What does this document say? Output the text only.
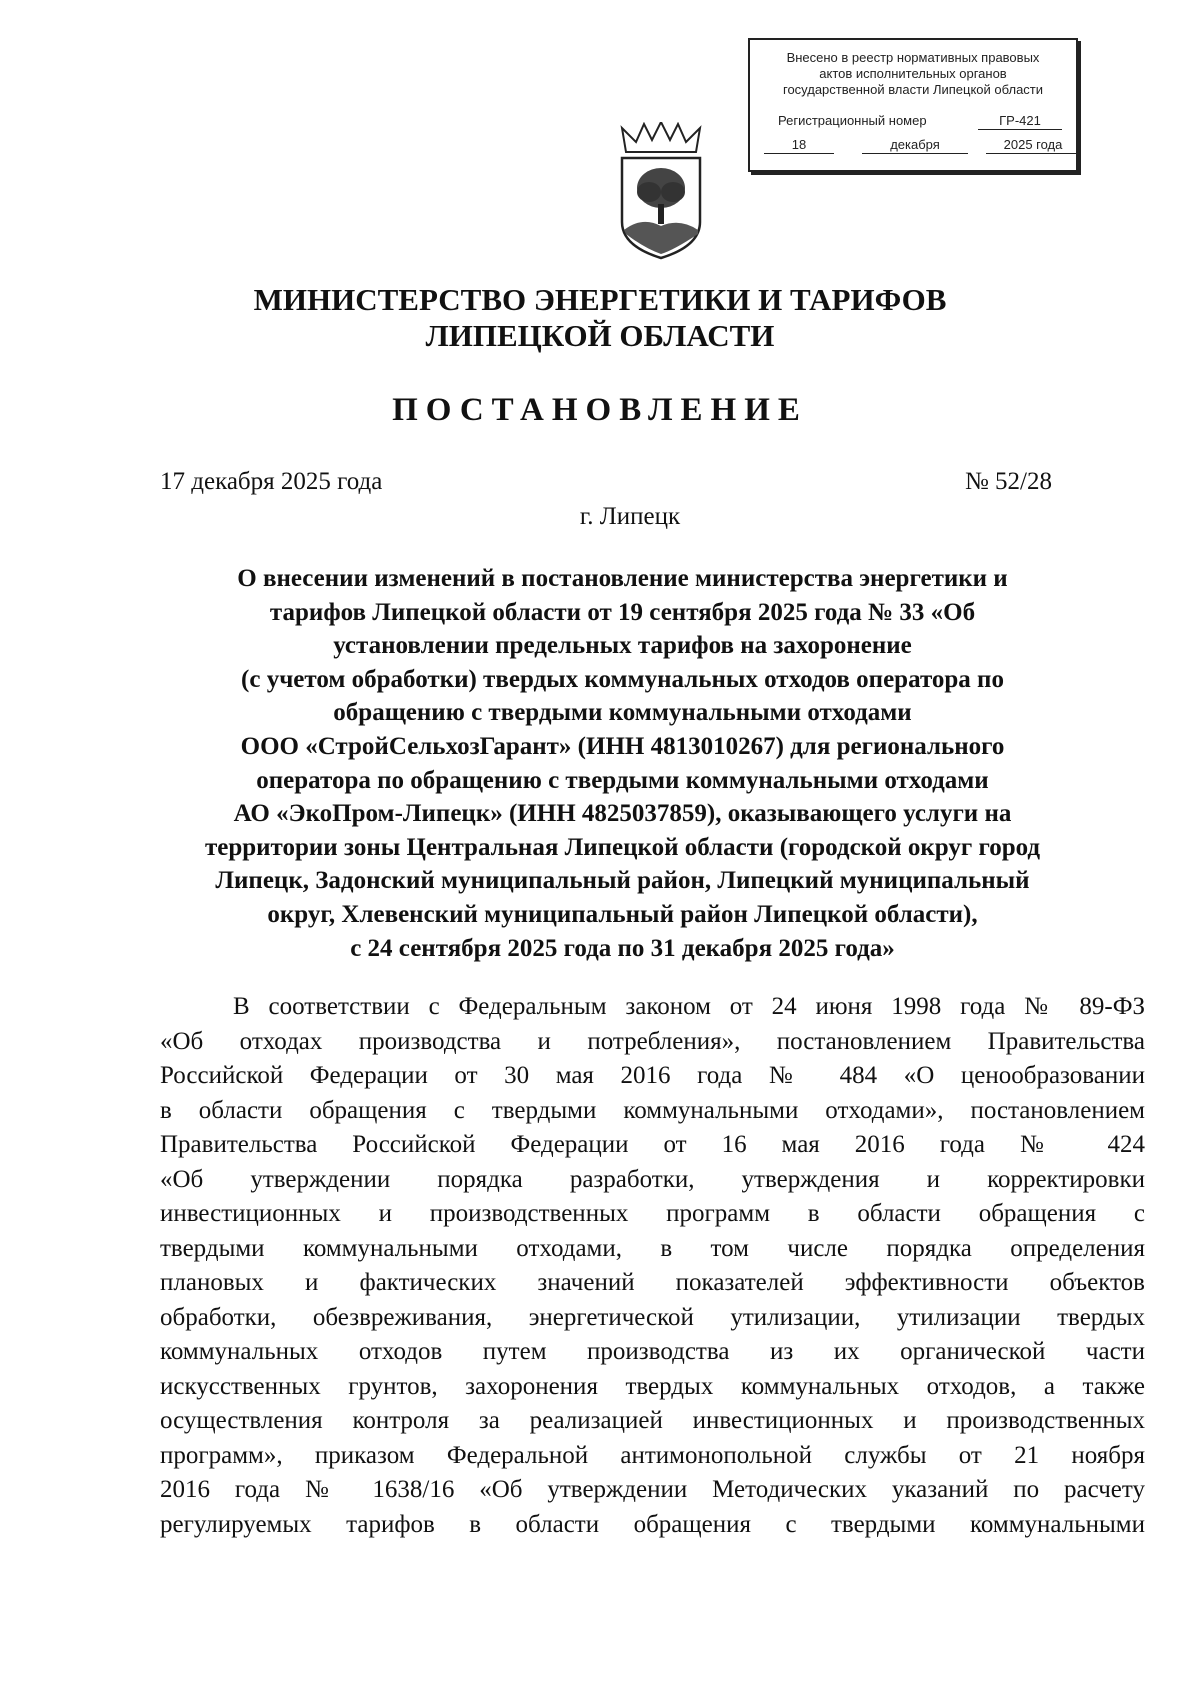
Внесено в реестр нормативных правовых
актов исполнительных органов
государственной власти Липецкой области
Регистрационный номер	ГР-421
18	декабря	2025 года
МИНИСТЕРСТВО ЭНЕРГЕТИКИ И ТАРИФОВ
ЛИПЕЦКОЙ ОБЛАСТИ
ПОСТАНОВЛЕНИЕ
17 декабря 2025 года	№ 52/28
г. Липецк
О внесении изменений в постановление министерства энергетики и
тарифов Липецкой области от 19 сентября 2025 года № 33 «Об
установлении предельных тарифов на захоронение
(с учетом обработки) твердых коммунальных отходов оператора по
обращению с твердыми коммунальными отходами
ООО «СтройСельхозГарант» (ИНН 4813010267) для регионального
оператора по обращению с твердыми коммунальными отходами
АО «ЭкоПром-Липецк» (ИНН 4825037859), оказывающего услуги на
территории зоны Центральная Липецкой области (городской округ город
Липецк, Задонский муниципальный район, Липецкий муниципальный
округ, Хлевенский муниципальный район Липецкой области),
с 24 сентября 2025 года по 31 декабря 2025 года»
В соответствии с Федеральным законом от 24 июня 1998 года № 89-ФЗ
«Об отходах производства и потребления», постановлением Правительства
Российской Федерации от 30 мая 2016 года № 484 «О ценообразовании
в области обращения с твердыми коммунальными отходами», постановлением
Правительства Российской Федерации от 16 мая 2016 года № 424
«Об утверждении порядка разработки, утверждения и корректировки
инвестиционных и производственных программ в области обращения с
твердыми коммунальными отходами, в том числе порядка определения
плановых и фактических значений показателей эффективности объектов
обработки, обезвреживания, энергетической утилизации, утилизации твердых
коммунальных отходов путем производства из их органической части
искусственных грунтов, захоронения твердых коммунальных отходов, а также
осуществления контроля за реализацией инвестиционных и производственных
программ», приказом Федеральной антимонопольной службы от 21 ноября
2016 года № 1638/16 «Об утверждении Методических указаний по расчету
регулируемых тарифов в области обращения с твердыми коммунальными
